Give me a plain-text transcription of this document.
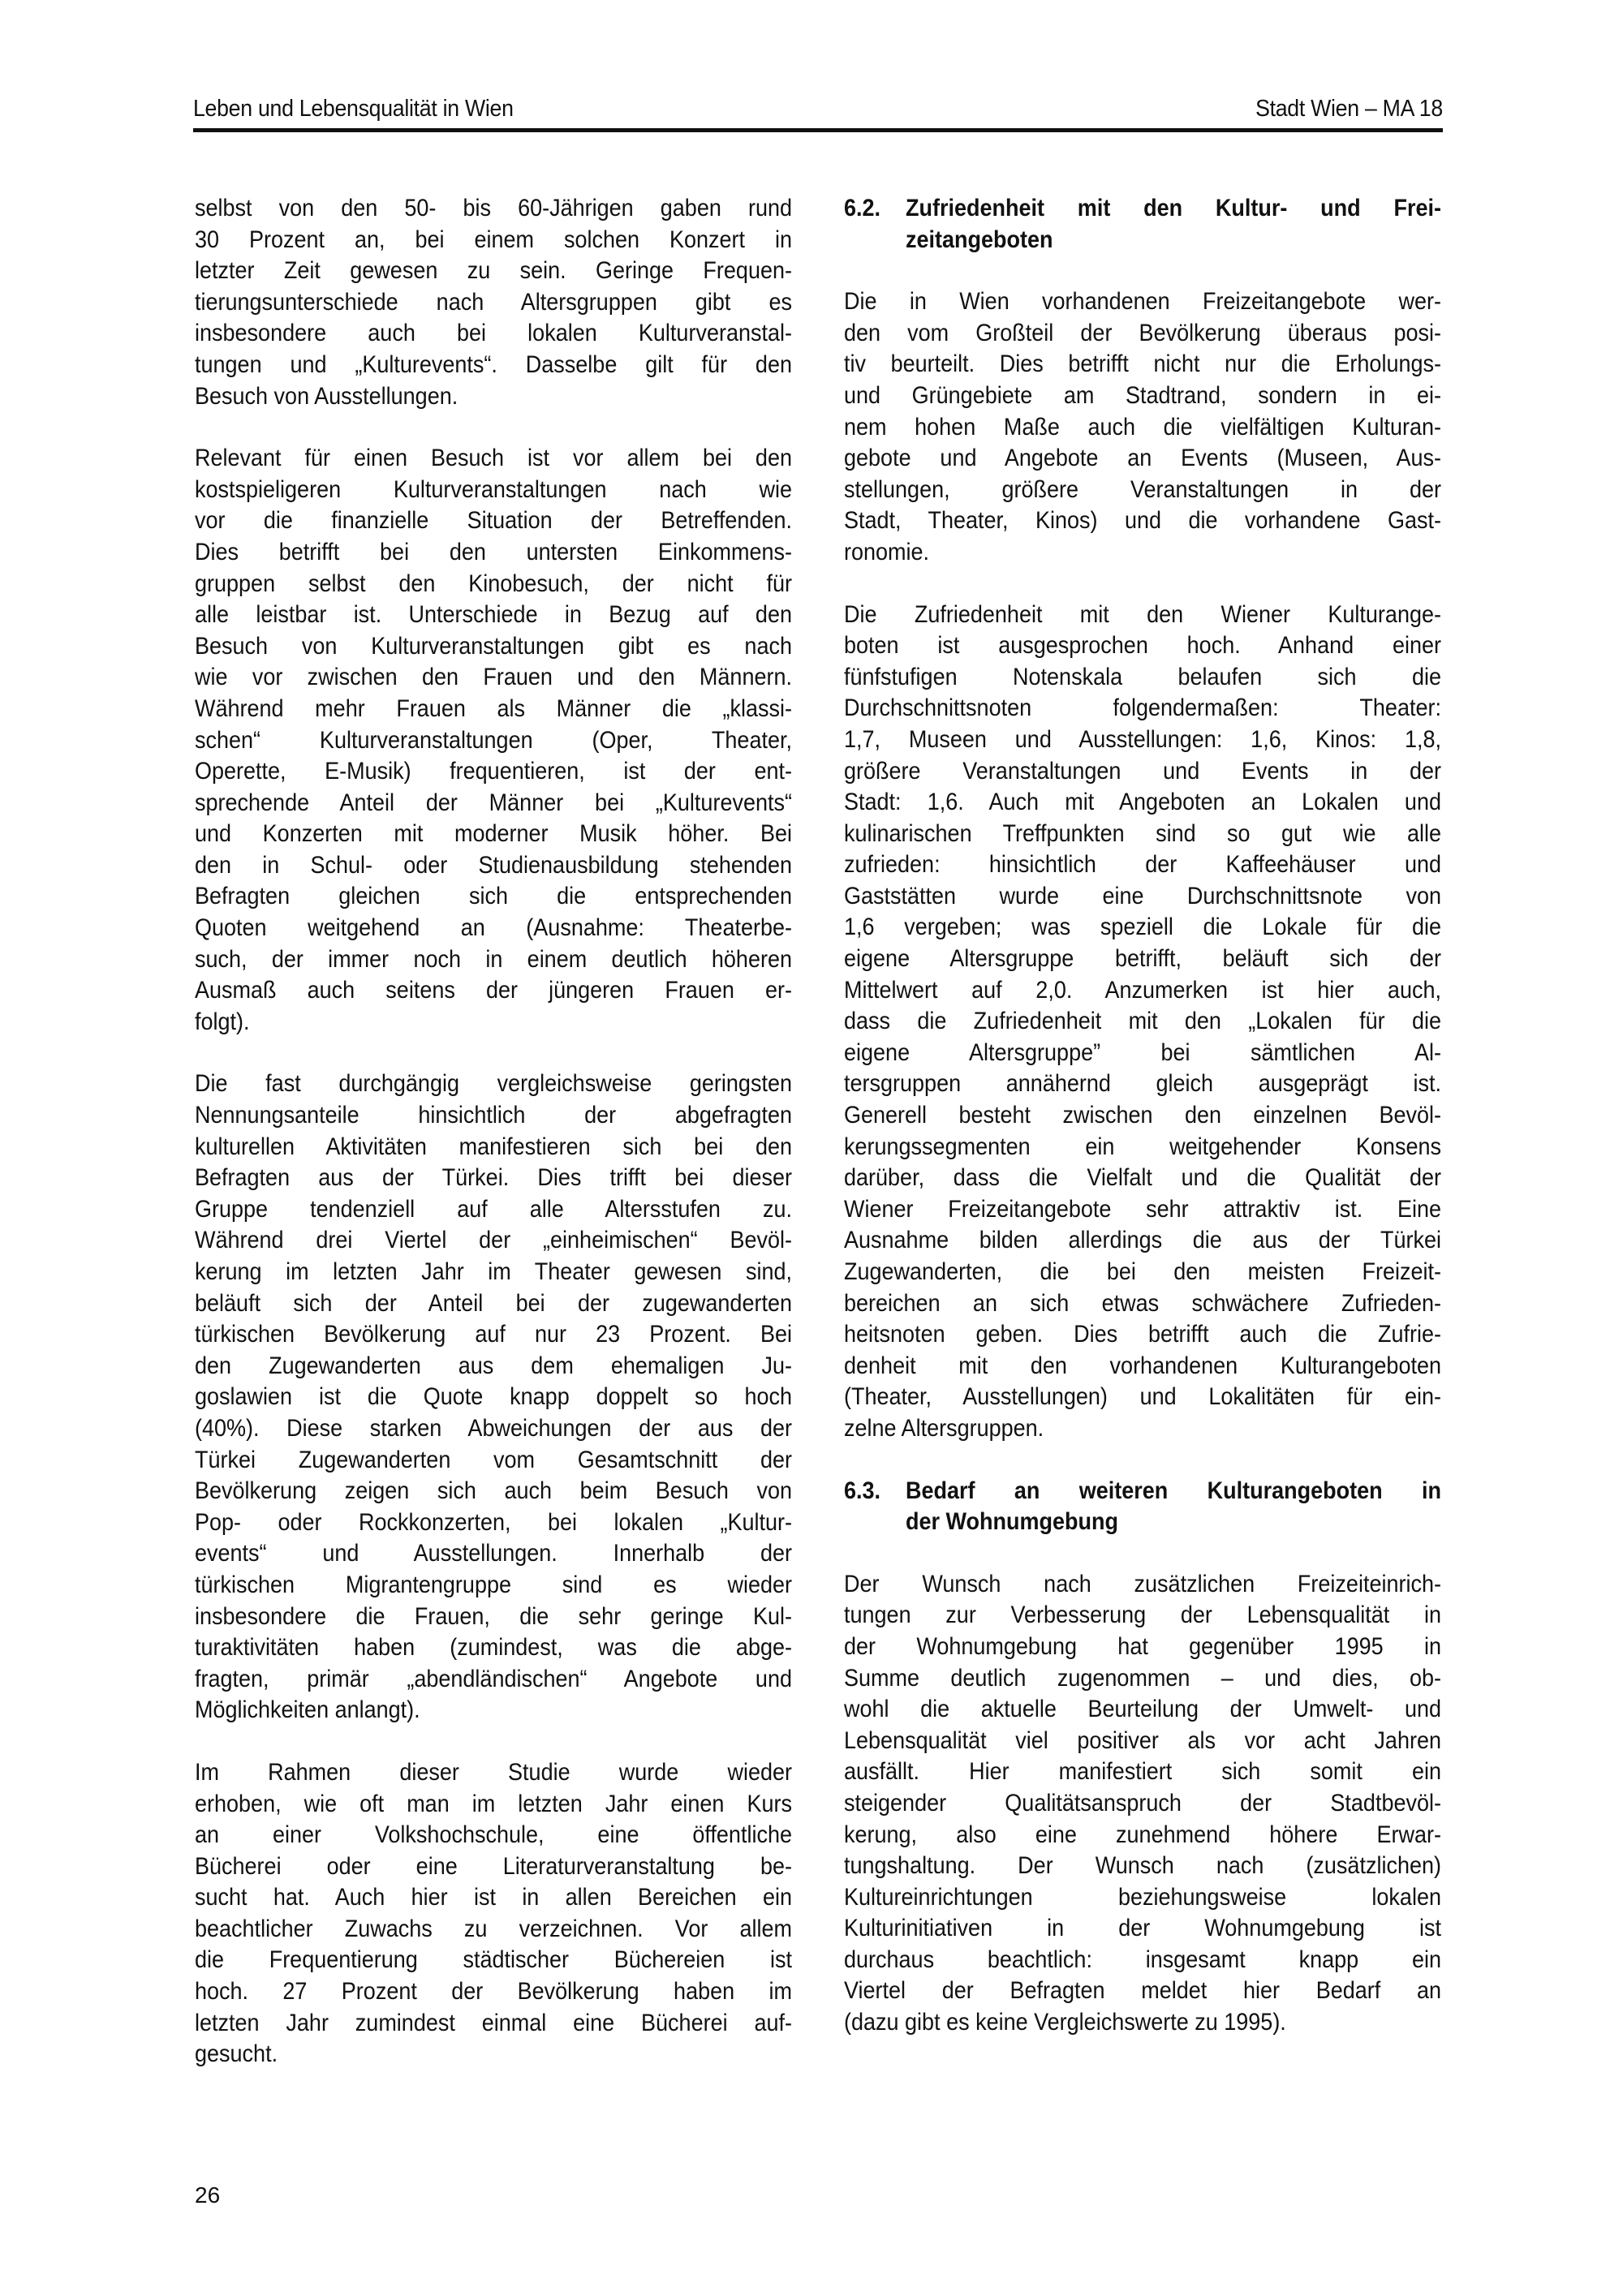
Leben und Lebensqualität in Wien	Stadt Wien – MA 18
selbst von den 50- bis 60-Jährigen gaben rund
30 Prozent an, bei einem solchen Konzert in
letzter Zeit gewesen zu sein. Geringe Frequen-
tierungsunterschiede nach Altersgruppen gibt es
insbesondere auch bei lokalen Kulturveranstal-
tungen und „Kulturevents“. Dasselbe gilt für den
Besuch von Ausstellungen.
Relevant für einen Besuch ist vor allem bei den
kostspieligeren Kulturveranstaltungen nach wie
vor die finanzielle Situation der Betreffenden.
Dies betrifft bei den untersten Einkommens-
gruppen selbst den Kinobesuch, der nicht für
alle leistbar ist. Unterschiede in Bezug auf den
Besuch von Kulturveranstaltungen gibt es nach
wie vor zwischen den Frauen und den Männern.
Während mehr Frauen als Männer die „klassi-
schen“ Kulturveranstaltungen (Oper, Theater,
Operette, E-Musik) frequentieren, ist der ent-
sprechende Anteil der Männer bei „Kulturevents“
und Konzerten mit moderner Musik höher. Bei
den in Schul- oder Studienausbildung stehenden
Befragten gleichen sich die entsprechenden
Quoten weitgehend an (Ausnahme: Theaterbe-
such, der immer noch in einem deutlich höheren
Ausmaß auch seitens der jüngeren Frauen er-
folgt).
Die fast durchgängig vergleichsweise geringsten
Nennungsanteile hinsichtlich der abgefragten
kulturellen Aktivitäten manifestieren sich bei den
Befragten aus der Türkei. Dies trifft bei dieser
Gruppe tendenziell auf alle Altersstufen zu.
Während drei Viertel der „einheimischen“ Bevöl-
kerung im letzten Jahr im Theater gewesen sind,
beläuft sich der Anteil bei der zugewanderten
türkischen Bevölkerung auf nur 23 Prozent. Bei
den Zugewanderten aus dem ehemaligen Ju-
goslawien ist die Quote knapp doppelt so hoch
(40%). Diese starken Abweichungen der aus der
Türkei Zugewanderten vom Gesamtschnitt der
Bevölkerung zeigen sich auch beim Besuch von
Pop- oder Rockkonzerten, bei lokalen „Kultur-
events“ und Ausstellungen. Innerhalb der
türkischen Migrantengruppe sind es wieder
insbesondere die Frauen, die sehr geringe Kul-
turaktivitäten haben (zumindest, was die abge-
fragten, primär „abendländischen“ Angebote und
Möglichkeiten anlangt).
Im Rahmen dieser Studie wurde wieder
erhoben, wie oft man im letzten Jahr einen Kurs
an einer Volkshochschule, eine öffentliche
Bücherei oder eine Literaturveranstaltung be-
sucht hat. Auch hier ist in allen Bereichen ein
beachtlicher Zuwachs zu verzeichnen. Vor allem
die Frequentierung städtischer Büchereien ist
hoch. 27 Prozent der Bevölkerung haben im
letzten Jahr zumindest einmal eine Bücherei auf-
gesucht.
6.2.	Zufriedenheit mit den Kultur- und Frei-
zeitangeboten
Die in Wien vorhandenen Freizeitangebote wer-
den vom Großteil der Bevölkerung überaus posi-
tiv beurteilt. Dies betrifft nicht nur die Erholungs-
und Grüngebiete am Stadtrand, sondern in ei-
nem hohen Maße auch die vielfältigen Kulturan-
gebote und Angebote an Events (Museen, Aus-
stellungen, größere Veranstaltungen in der
Stadt, Theater, Kinos) und die vorhandene Gast-
ronomie.
Die Zufriedenheit mit den Wiener Kulturange-
boten ist ausgesprochen hoch. Anhand einer
fünfstufigen Notenskala belaufen sich die
Durchschnittsnoten folgendermaßen: Theater:
1,7, Museen und Ausstellungen: 1,6, Kinos: 1,8,
größere Veranstaltungen und Events in der
Stadt: 1,6. Auch mit Angeboten an Lokalen und
kulinarischen Treffpunkten sind so gut wie alle
zufrieden: hinsichtlich der Kaffeehäuser und
Gaststätten wurde eine Durchschnittsnote von
1,6 vergeben; was speziell die Lokale für die
eigene Altersgruppe betrifft, beläuft sich der
Mittelwert auf 2,0. Anzumerken ist hier auch,
dass die Zufriedenheit mit den „Lokalen für die
eigene Altersgruppe” bei sämtlichen Al-
tersgruppen annähernd gleich ausgeprägt ist.
Generell besteht zwischen den einzelnen Bevöl-
kerungssegmenten ein weitgehender Konsens
darüber, dass die Vielfalt und die Qualität der
Wiener Freizeitangebote sehr attraktiv ist. Eine
Ausnahme bilden allerdings die aus der Türkei
Zugewanderten, die bei den meisten Freizeit-
bereichen an sich etwas schwächere Zufrieden-
heitsnoten geben. Dies betrifft auch die Zufrie-
denheit mit den vorhandenen Kulturangeboten
(Theater, Ausstellungen) und Lokalitäten für ein-
zelne Altersgruppen.
6.3.	Bedarf an weiteren Kulturangeboten in
der Wohnumgebung
Der Wunsch nach zusätzlichen Freizeiteinrich-
tungen zur Verbesserung der Lebensqualität in
der Wohnumgebung hat gegenüber 1995 in
Summe deutlich zugenommen – und dies, ob-
wohl die aktuelle Beurteilung der Umwelt- und
Lebensqualität viel positiver als vor acht Jahren
ausfällt. Hier manifestiert sich somit ein
steigender Qualitätsanspruch der Stadtbevöl-
kerung, also eine zunehmend höhere Erwar-
tungshaltung. Der Wunsch nach (zusätzlichen)
Kultureinrichtungen beziehungsweise lokalen
Kulturinitiativen in der Wohnumgebung ist
durchaus beachtlich: insgesamt knapp ein
Viertel der Befragten meldet hier Bedarf an
(dazu gibt es keine Vergleichswerte zu 1995).
26
